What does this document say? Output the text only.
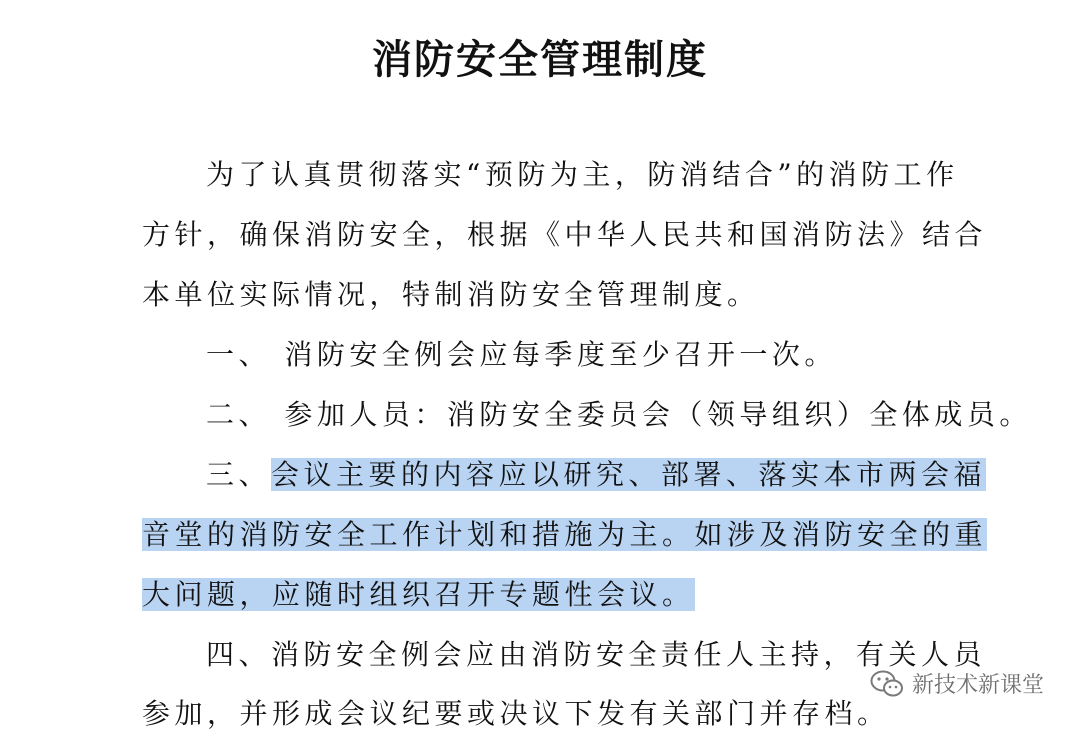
消防安全管理制度
为了认真贯彻落实“预防为主，防消结合”的消防工作
方针，确保消防安全，根据《中华人民共和国消防法》结合
本单位实际情况，特制消防安全管理制度。
一、 消防安全例会应每季度至少召开一次。
二、 参加人员：消防安全委员会（领导组织）全体成员。
三、会议主要的内容应以研究、部署、落实本市两会福
音堂的消防安全工作计划和措施为主。如涉及消防安全的重
大问题，应随时组织召开专题性会议。
四、消防安全例会应由消防安全责任人主持，有关人员
参加，并形成会议纪要或决议下发有关部门并存档。
新技术新课堂
